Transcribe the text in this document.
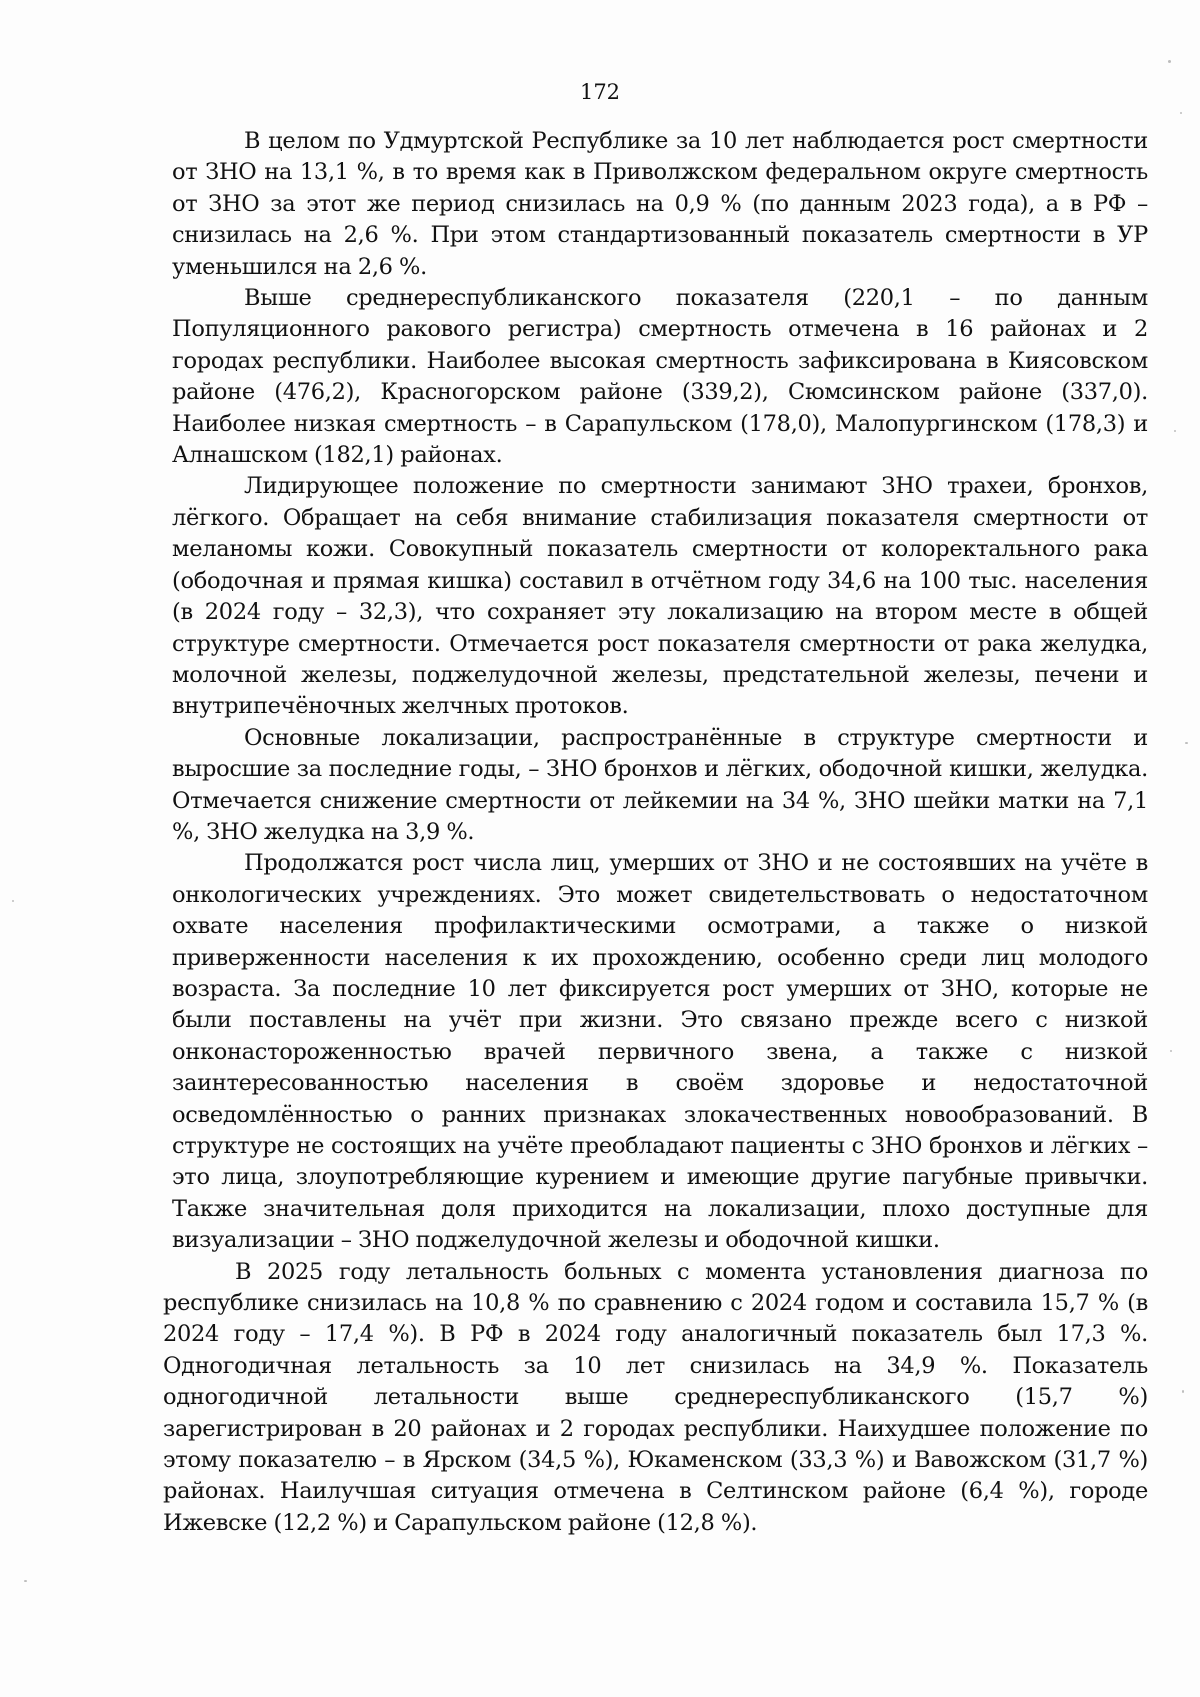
172

В целом по Удмуртской Республике за 10 лет наблюдается рост смертности от ЗНО на 13,1 %, в то время как в Приволжском федеральном округе смертность от ЗНО за этот же период снизилась на 0,9 % (по данным 2023 года), а в РФ – снизилась на 2,6 %. При этом стандартизованный показатель смертности в УР уменьшился на 2,6 %.

Выше среднереспубликанского показателя (220,1 – по данным Популяционного ракового регистра) смертность отмечена в 16 районах и 2 городах республики. Наиболее высокая смертность зафиксирована в Киясовском районе (476,2), Красногорском районе (339,2), Сюмсинском районе (337,0). Наиболее низкая смертность – в Сарапульском (178,0), Малопургинском (178,3) и Алнашском (182,1) районах.

Лидирующее положение по смертности занимают ЗНО трахеи, бронхов, лёгкого. Обращает на себя внимание стабилизация показателя смертности от меланомы кожи. Совокупный показатель смертности от колоректального рака (ободочная и прямая кишка) составил в отчётном году 34,6 на 100 тыс. населения (в 2024 году – 32,3), что сохраняет эту локализацию на втором месте в общей структуре смертности. Отмечается рост показателя смертности от рака желудка, молочной железы, поджелудочной железы, предстательной железы, печени и внутрипечёночных желчных протоков.

Основные локализации, распространённые в структуре смертности и выросшие за последние годы, – ЗНО бронхов и лёгких, ободочной кишки, желудка. Отмечается снижение смертности от лейкемии на 34 %, ЗНО шейки матки на 7,1 %, ЗНО желудка на 3,9 %.

Продолжатся рост числа лиц, умерших от ЗНО и не состоявших на учёте в онкологических учреждениях. Это может свидетельствовать о недостаточном охвате населения профилактическими осмотрами, а также о низкой приверженности населения к их прохождению, особенно среди лиц молодого возраста. За последние 10 лет фиксируется рост умерших от ЗНО, которые не были поставлены на учёт при жизни. Это связано прежде всего с низкой онконастороженностью врачей первичного звена, а также с низкой заинтересованностью населения в своём здоровье и недостаточной осведомлённостью о ранних признаках злокачественных новообразований. В структуре не состоящих на учёте преобладают пациенты с ЗНО бронхов и лёгких – это лица, злоупотребляющие курением и имеющие другие пагубные привычки. Также значительная доля приходится на локализации, плохо доступные для визуализации – ЗНО поджелудочной железы и ободочной кишки.

В 2025 году летальность больных с момента установления диагноза по республике снизилась на 10,8 % по сравнению с 2024 годом и составила 15,7 % (в 2024 году – 17,4 %). В РФ в 2024 году аналогичный показатель был 17,3 %. Одногодичная летальность за 10 лет снизилась на 34,9 %. Показатель одногодичной летальности выше среднереспубликанского (15,7 %) зарегистрирован в 20 районах и 2 городах республики. Наихудшее положение по этому показателю – в Ярском (34,5 %), Юкаменском (33,3 %) и Вавожском (31,7 %) районах. Наилучшая ситуация отмечена в Селтинском районе (6,4 %), городе Ижевске (12,2 %) и Сарапульском районе (12,8 %).
